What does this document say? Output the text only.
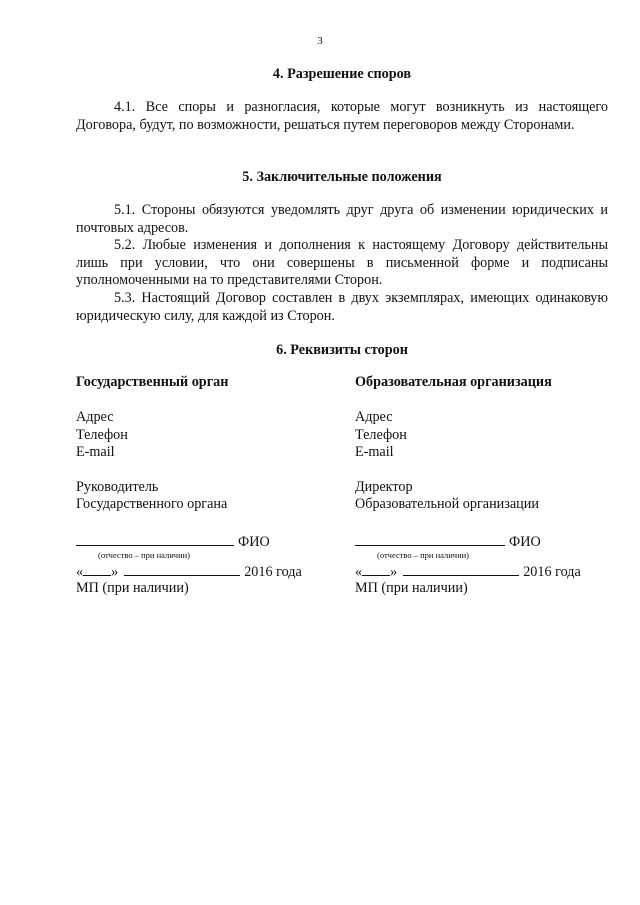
3
4. Разрешение споров

4.1. Все споры и разногласия, которые могут возникнуть из настоящего Договора, будут, по возможности, решаться путем переговоров между Сторонами.

5. Заключительные положения

5.1. Стороны обязуются уведомлять друг друга об изменении юридических и почтовых адресов.

5.2. Любые изменения и дополнения к настоящему Договору действительны лишь при условии, что они совершены в письменной форме и подписаны уполномоченными на то представителями Сторон.

5.3. Настоящий Договор составлен в двух экземплярах, имеющих одинаковую юридическую силу, для каждой из Сторон.

6. Реквизиты сторон
Государственный орган
Адрес
Телефон
E-mail
Руководитель
Государственного органа
ФИО
(отчество – при наличии)
« »	2016 года
МП (при наличии)
Образовательная организация
Адрес
Телефон
E-mail
Директор
Образовательной организации
ФИО
(отчество – при наличии)
« »	2016 года
МП (при наличии)
